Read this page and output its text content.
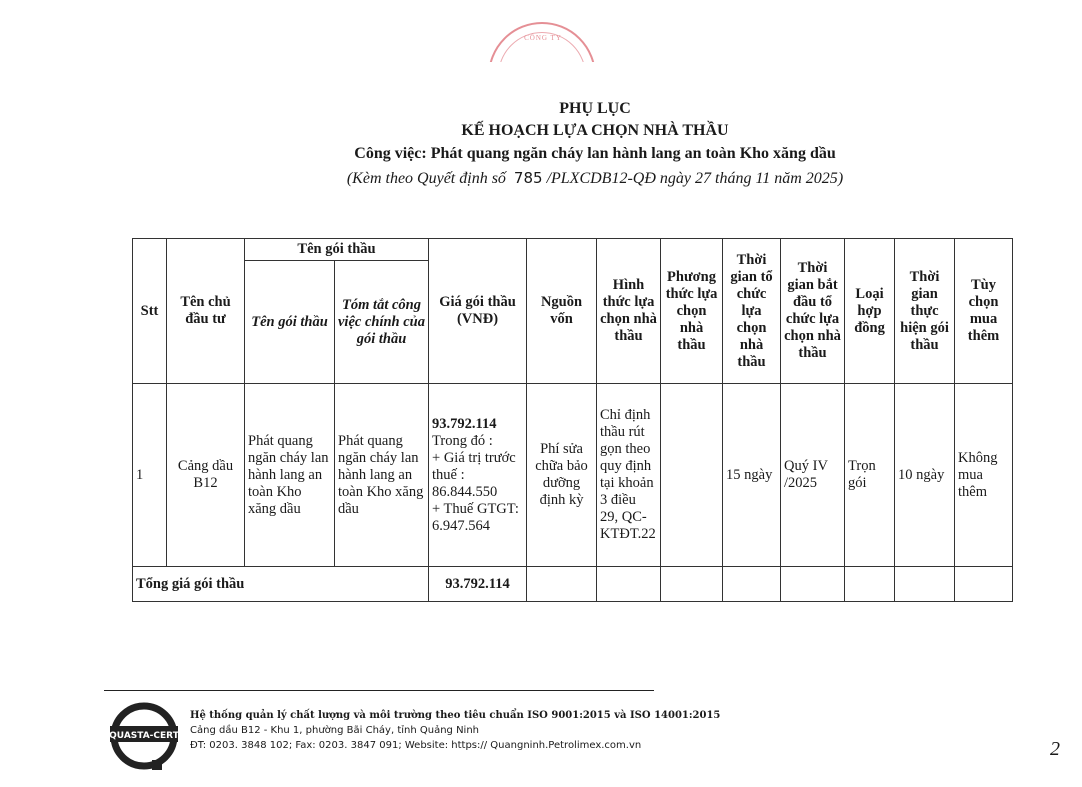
CÔNG TY
PHỤ LỤC
KẾ HOẠCH LỰA CHỌN NHÀ THẦU
Công việc: Phát quang ngăn cháy lan hành lang an toàn Kho xăng dầu
(Kèm theo Quyết định số 785 /PLXCDB12-QĐ ngày 27 tháng 11 năm 2025)
Stt	Tên chủ đầu tư	Tên gói thầu		Giá gói thầu (VNĐ)	Nguồn vốn	Hình thức lựa chọn nhà thầu	Phương thức lựa chọn nhà thầu	Thời gian tổ chức lựa chọn nhà thầu	Thời gian bắt đầu tổ chức lựa chọn nhà thầu	Loại hợp đồng	Thời gian thực hiện gói thầu	Tùy chọn mua thêm
		Tên gói thầu	Tóm tắt công việc chính của gói thầu									
1	Cảng dầu B12	Phát quang ngăn cháy lan hành lang an toàn Kho xăng dầu	Phát quang ngăn cháy lan hành lang an toàn Kho xăng dầu	93.792.114
Trong đó :
+ Giá trị trước thuế : 86.844.550
+ Thuế GTGT: 6.947.564	Phí sửa chữa bảo dưỡng định kỳ	Chỉ định thầu rút gọn theo quy định tại khoản 3 điều 29, QC-KTĐT.22		15 ngày	Quý IV /2025	Trọn gói	10 ngày	Không mua thêm
Tổng giá gói thầu				93.792.114								
QUASTA-CERT
Hệ thống quản lý chất lượng và môi trường theo tiêu chuẩn ISO 9001:2015 và ISO 14001:2015
Cảng dầu B12 - Khu 1, phường Bãi Cháy, tỉnh Quảng Ninh
ĐT: 0203. 3848 102; Fax: 0203. 3847 091; Website: https:// Quangninh.Petrolimex.com.vn	2
